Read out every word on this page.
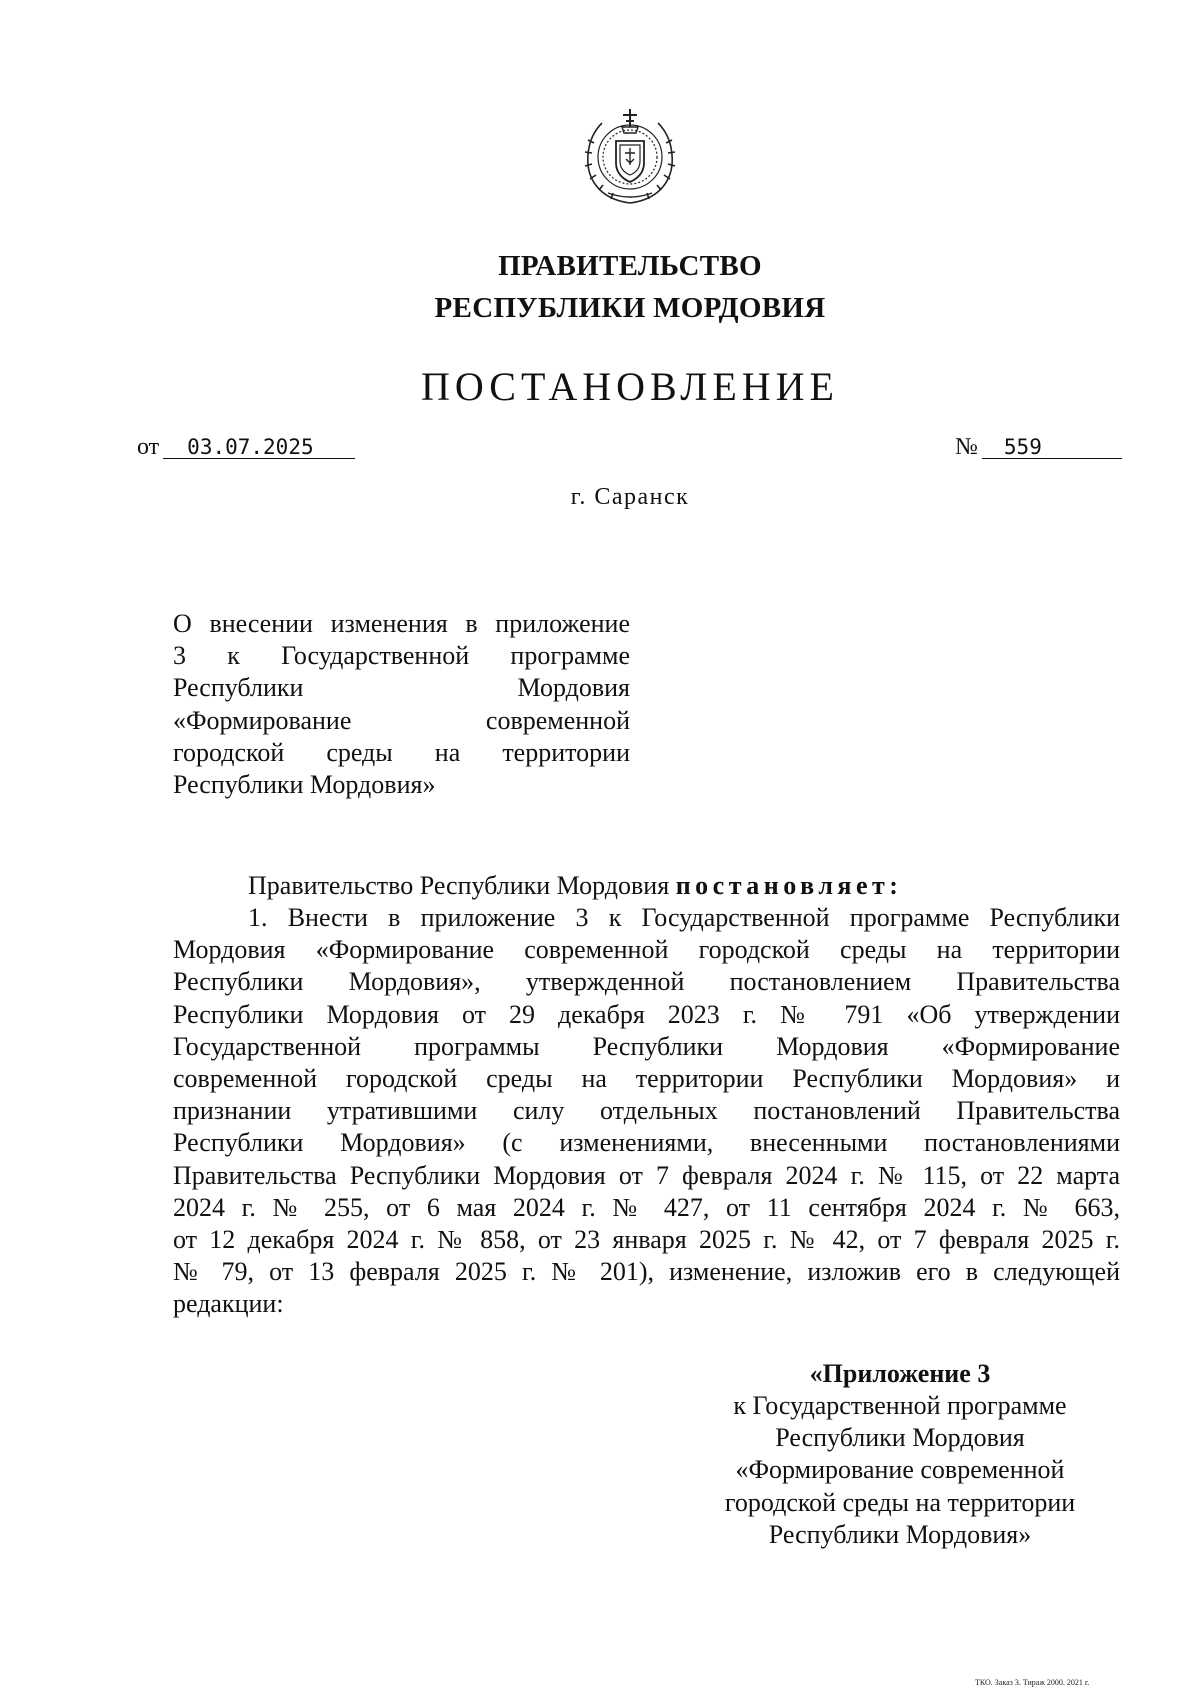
ПРАВИТЕЛЬСТВО
РЕСПУБЛИКИ МОРДОВИЯ
ПОСТАНОВЛЕНИЕ
от 03.07.2025	№ 559
г. Саранск
О внесении изменения в приложение
3 к Государственной программе
Республики Мордовия
«Формирование современной
городской среды на территории
Республики Мордовия»
Правительство Республики Мордовия постановляет:
1. Внести в приложение 3 к Государственной программе Республики
Мордовия «Формирование современной городской среды на территории
Республики Мордовия», утвержденной постановлением Правительства
Республики Мордовия от 29 декабря 2023 г. № 791 «Об утверждении
Государственной программы Республики Мордовия «Формирование
современной городской среды на территории Республики Мордовия» и
признании утратившими силу отдельных постановлений Правительства
Республики Мордовия» (с изменениями, внесенными постановлениями
Правительства Республики Мордовия от 7 февраля 2024 г. № 115, от 22 марта
2024 г. № 255, от 6 мая 2024 г. № 427, от 11 сентября 2024 г. № 663,
от 12 декабря 2024 г. № 858, от 23 января 2025 г. № 42, от 7 февраля 2025 г.
№ 79, от 13 февраля 2025 г. № 201), изменение, изложив его в следующей
редакции:
«Приложение 3
к Государственной программе
Республики Мордовия
«Формирование современной
городской среды на территории
Республики Мордовия»
ТКО. Заказ 3. Тираж 2000. 2021 г.
